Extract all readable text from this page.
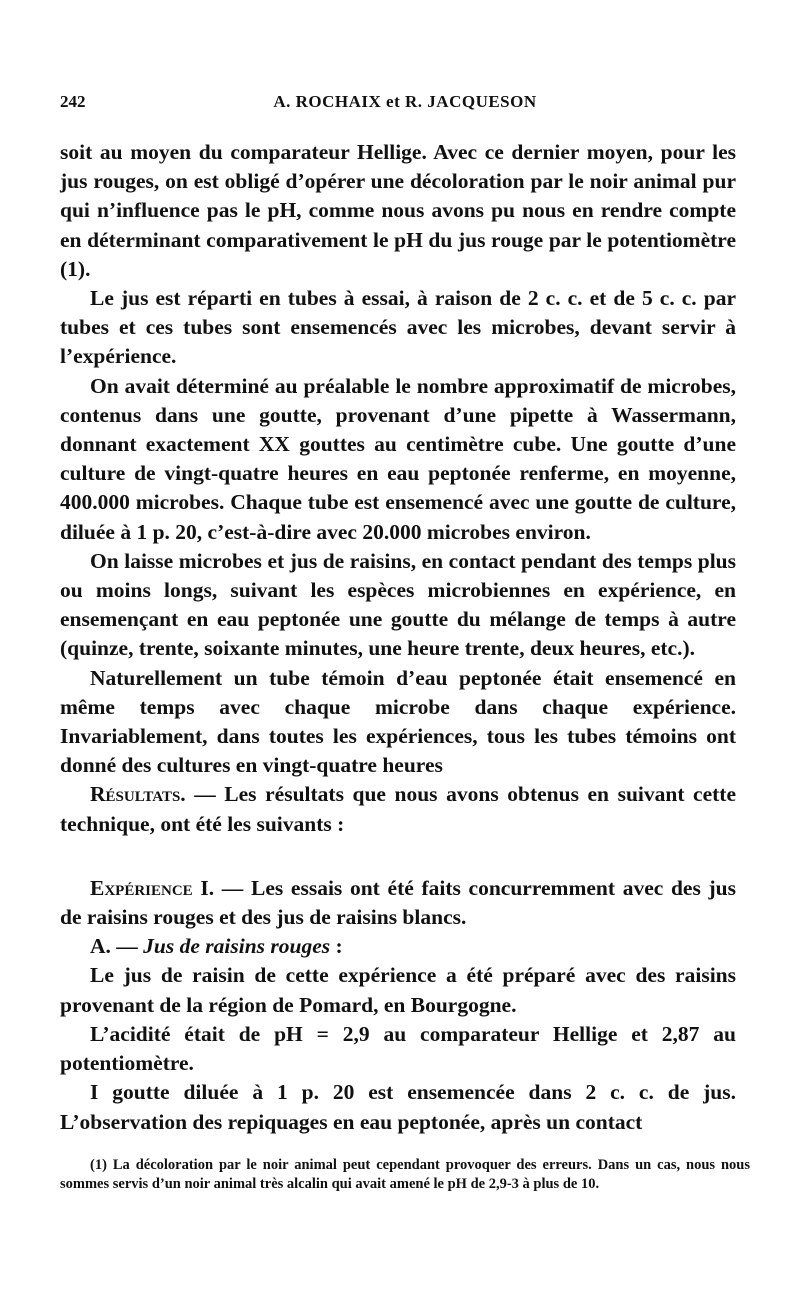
242	A. ROCHAIX et R. JACQUESON

soit au moyen du comparateur Hellige. Avec ce dernier moyen, pour les jus rouges, on est obligé d’opérer une décoloration par le noir animal pur qui n’influence pas le pH, comme nous avons pu nous en rendre compte en déterminant comparativement le pH du jus rouge par le potentiomètre (1).

Le jus est réparti en tubes à essai, à raison de 2 c. c. et de 5 c. c. par tubes et ces tubes sont ensemencés avec les microbes, devant servir à l’expérience.

On avait déterminé au préalable le nombre approximatif de microbes, contenus dans une goutte, provenant d’une pipette à Wassermann, donnant exactement XX gouttes au centimètre cube. Une goutte d’une culture de vingt-quatre heures en eau peptonée renferme, en moyenne, 400.000 microbes. Chaque tube est ensemencé avec une goutte de culture, diluée à 1 p. 20, c’est-à-dire avec 20.000 microbes environ.

On laisse microbes et jus de raisins, en contact pendant des temps plus ou moins longs, suivant les espèces microbiennes en expérience, en ensemençant en eau peptonée une goutte du mélange de temps à autre (quinze, trente, soixante minutes, une heure trente, deux heures, etc.).

Naturellement un tube témoin d’eau peptonée était ensemencé en même temps avec chaque microbe dans chaque expérience. Invariablement, dans toutes les expériences, tous les tubes témoins ont donné des cultures en vingt-quatre heures

Résultats. — Les résultats que nous avons obtenus en suivant cette technique, ont été les suivants :

Expérience I. — Les essais ont été faits concurremment avec des jus de raisins rouges et des jus de raisins blancs.

A. — Jus de raisins rouges :

Le jus de raisin de cette expérience a été préparé avec des raisins provenant de la région de Pomard, en Bourgogne.

L’acidité était de pH = 2,9 au comparateur Hellige et 2,87 au potentiomètre.

I goutte diluée à 1 p. 20 est ensemencée dans 2 c. c. de jus. L’observation des repiquages en eau peptonée, après un contact

(1) La décoloration par le noir animal peut cependant provoquer des erreurs. Dans un cas, nous nous sommes servis d’un noir animal très alcalin qui avait amené le pH de 2,9-3 à plus de 10.
